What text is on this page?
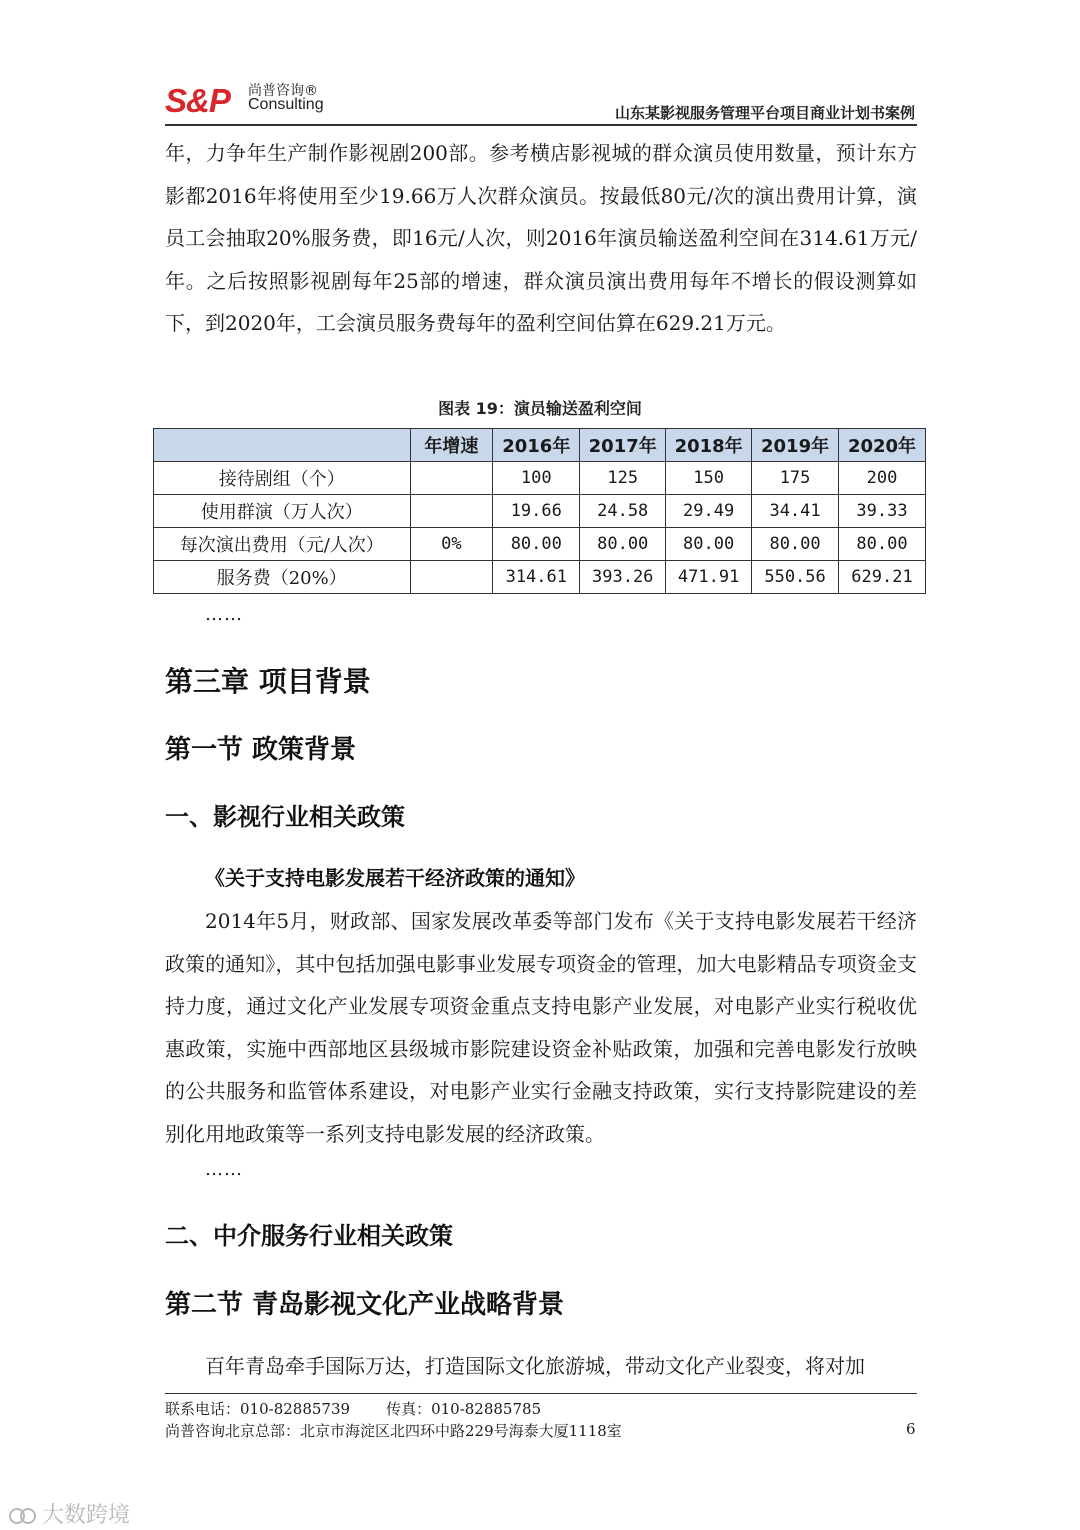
S&P 尚普咨询®
Consulting	山东某影视服务管理平台项目商业计划书案例

年，力争年生产制作影视剧200部。参考横店影视城的群众演员使用数量，预计东方影都2016年将使用至少19.66万人次群众演员。按最低80元/次的演出费用计算，演员工会抽取20%服务费，即16元/人次，则2016年演员输送盈利空间在314.61万元/年。之后按照影视剧每年25部的增速，群众演员演出费用每年不增长的假设测算如下，到2020年，工会演员服务费每年的盈利空间估算在629.21万元。

图表 19：演员输送盈利空间
	年增速	2016年	2017年	2018年	2019年	2020年
接待剧组（个）		100	125	150	175	200
使用群演（万人次）		19.66	24.58	29.49	34.41	39.33
每次演出费用（元/人次）	0%	80.00	80.00	80.00	80.00	80.00
服务费（20%）		314.61	393.26	471.91	550.56	629.21
……
第三章 项目背景
第一节 政策背景
一、影视行业相关政策
《关于支持电影发展若干经济政策的通知》

2014年5月，财政部、国家发展改革委等部门发布《关于支持电影发展若干经济政策的通知》，其中包括加强电影事业发展专项资金的管理，加大电影精品专项资金支持力度，通过文化产业发展专项资金重点支持电影产业发展，对电影产业实行税收优惠政策，实施中西部地区县级城市影院建设资金补贴政策，加强和完善电影发行放映的公共服务和监管体系建设，对电影产业实行金融支持政策，实行支持影院建设的差别化用地政策等一系列支持电影发展的经济政策。

……
二、中介服务行业相关政策
第二节 青岛影视文化产业战略背景

百年青岛牵手国际万达，打造国际文化旅游城，带动文化产业裂变，将对加

联系电话：010-82885739 传真：010-82885785
尚普咨询北京总部：北京市海淀区北四环中路229号海泰大厦1118室	6
大数跨境
